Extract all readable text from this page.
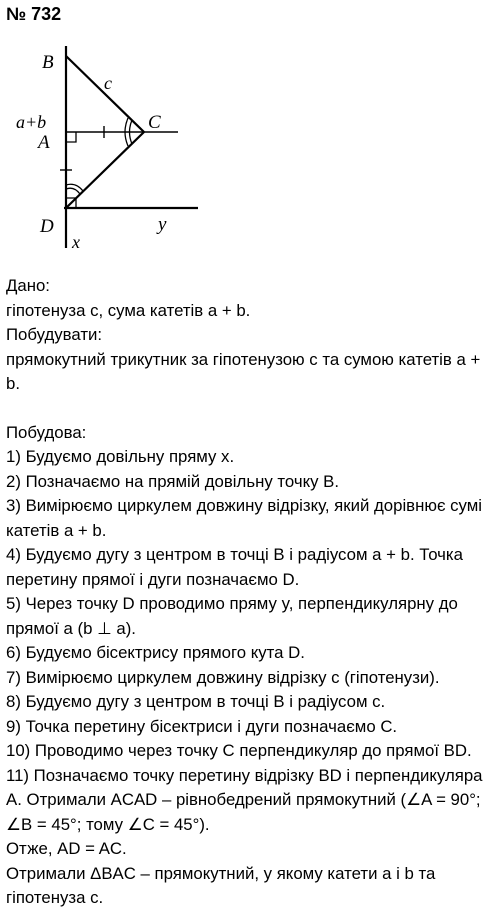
№ 732
B
c
a+b	C
A
D	y
x

Дано:

гіпотенуза c, сума катетів a + b.

Побудувати:

прямокутний трикутник за гіпотенузою c та сумою катетів a + b.

Побудова:

1) Будуємо довільну пряму x.

2) Позначаємо на прямій довільну точку B.

3) Вимірюємо циркулем довжину відрізку, який дорівнює сумі катетів a + b.

4) Будуємо дугу з центром в точці B і радіусом a + b. Точка перетину прямої і дуги позначаємо D.

5) Через точку D проводимо пряму y, перпендикулярну до прямої a (b ⊥ a).

6) Будуємо бісектрису прямого кута D.

7) Вимірюємо циркулем довжину відрізку c (гіпотенузи).

8) Будуємо дугу з центром в точці B і радіусом c.

9) Точка перетину бісектриси і дуги позначаємо C.

10) Проводимо через точку C перпендикуляр до прямої BD.

11) Позначаємо точку перетину відрізку BD і перпендикуляра A. Отримали ACAD – рівнобедрений прямокутний (∠A = 90°; ∠B = 45°; тому ∠C = 45°).

Отже, AD = AC.

Отримали ΔBAC – прямокутний, у якому катети a і b та гіпотенуза c.
